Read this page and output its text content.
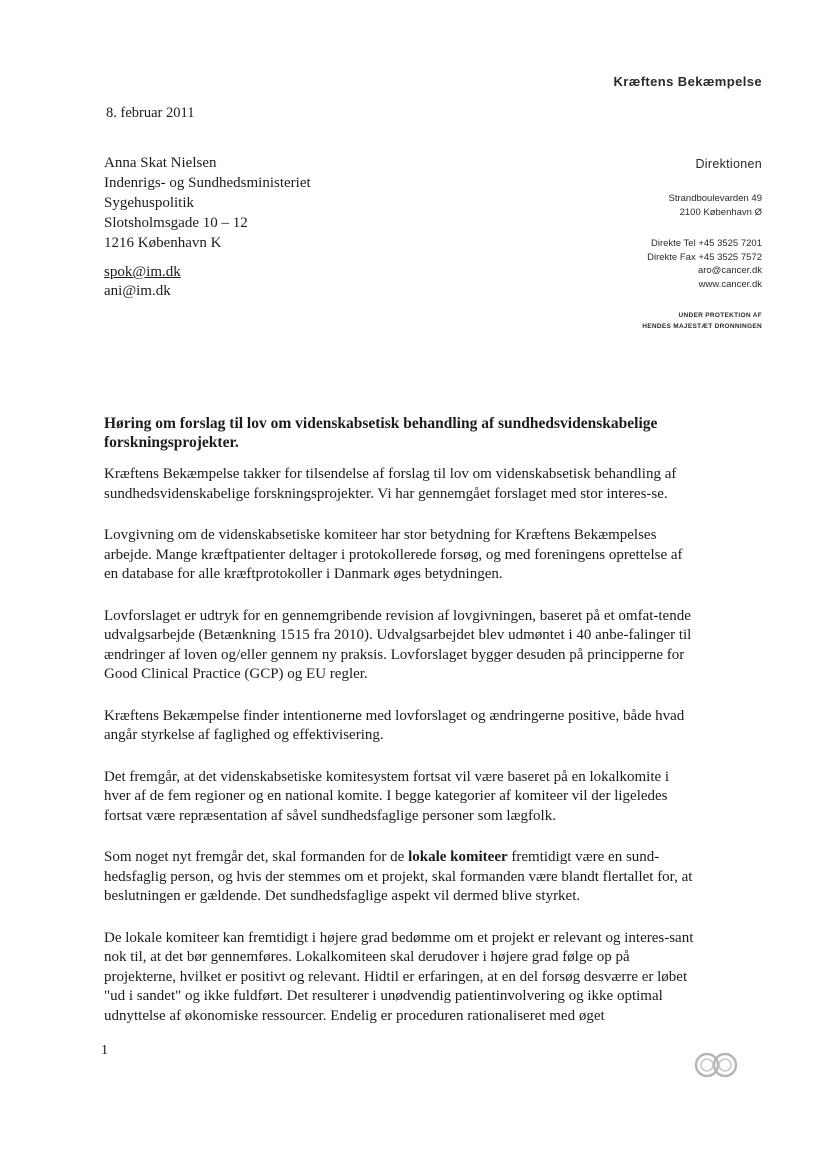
Kræftens Bekæmpelse
8. februar 2011
Anna Skat Nielsen
Indenrigs- og Sundhedsministeriet
Sygehuspolitik
Slotsholmsgade 10 – 12
1216 København K
spok@im.dk
ani@im.dk
Direktionen
Strandboulevarden 49
2100 København Ø
Direkte Tel +45 3525 7201
Direkte Fax +45 3525 7572
aro@cancer.dk
www.cancer.dk
UNDER PROTEKTION AF
HENDES MAJESTÆT DRONNINGEN
Høring om forslag til lov om videnskabsetisk behandling af sundhedsvidenskabelige forskningsprojekter.

Kræftens Bekæmpelse takker for tilsendelse af forslag til lov om videnskabsetisk behandling af sundhedsvidenskabelige forskningsprojekter. Vi har gennemgået forslaget med stor interes-se.

Lovgivning om de videnskabsetiske komiteer har stor betydning for Kræftens Bekæmpelses arbejde. Mange kræftpatienter deltager i protokollerede forsøg, og med foreningens oprettelse af en database for alle kræftprotokoller i Danmark øges betydningen.

Lovforslaget er udtryk for en gennemgribende revision af lovgivningen, baseret på et omfat-tende udvalgsarbejde (Betænkning 1515 fra 2010). Udvalgsarbejdet blev udmøntet i 40 anbe-falinger til ændringer af loven og/eller gennem ny praksis. Lovforslaget bygger desuden på principperne for Good Clinical Practice (GCP) og EU regler.

Kræftens Bekæmpelse finder intentionerne med lovforslaget og ændringerne positive, både hvad angår styrkelse af faglighed og effektivisering.

Det fremgår, at det videnskabsetiske komitesystem fortsat vil være baseret på en lokalkomite i hver af de fem regioner og en national komite. I begge kategorier af komiteer vil der ligeledes fortsat være repræsentation af såvel sundhedsfaglige personer som lægfolk.

Som noget nyt fremgår det, skal formanden for de lokale komiteer fremtidigt være en sund-hedsfaglig person, og hvis der stemmes om et projekt, skal formanden være blandt flertallet for, at beslutningen er gældende. Det sundhedsfaglige aspekt vil dermed blive styrket.

De lokale komiteer kan fremtidigt i højere grad bedømme om et projekt er relevant og interes-sant nok til, at det bør gennemføres. Lokalkomiteen skal derudover i højere grad følge op på projekterne, hvilket er positivt og relevant. Hidtil er erfaringen, at en del forsøg desværre er løbet "ud i sandet" og ikke fuldført. Det resulterer i unødvendig patientinvolvering og ikke optimal udnyttelse af økonomiske ressourcer. Endelig er proceduren rationaliseret med øget

1
